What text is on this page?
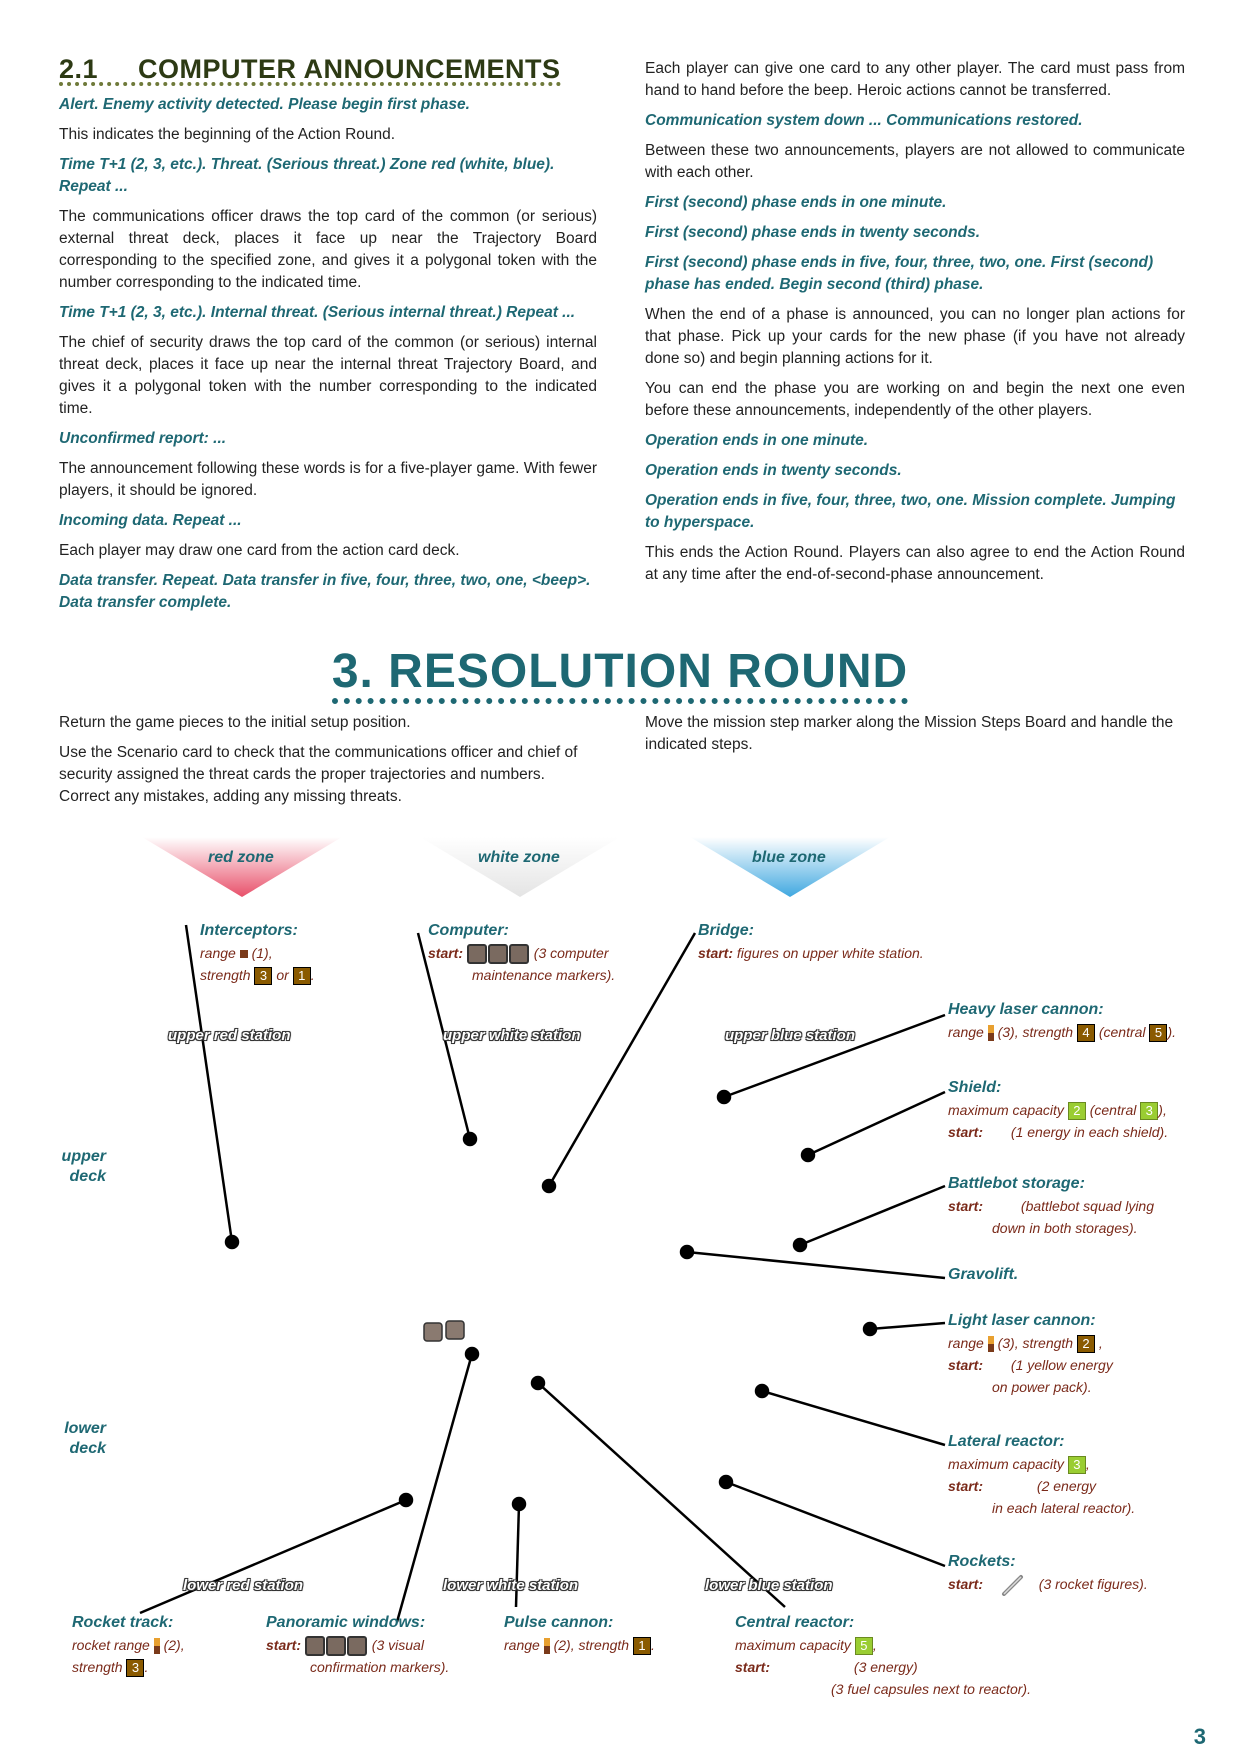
2.1 COMPUTER ANNOUNCEMENTS

Alert. Enemy activity detected. Please begin first phase.

This indicates the beginning of the Action Round.

Time T+1 (2, 3, etc.). Threat. (Serious threat.) Zone red (white, blue). Repeat ...

The communications officer draws the top card of the common (or serious) external threat deck, places it face up near the Trajectory Board corresponding to the specified zone, and gives it a polygonal token with the number corresponding to the indicated time.

Time T+1 (2, 3, etc.). Internal threat. (Serious internal threat.) Repeat ...

The chief of security draws the top card of the common (or serious) internal threat deck, places it face up near the internal threat Trajectory Board, and gives it a polygonal token with the number corresponding to the indicated time.

Unconfirmed report: ...

The announcement following these words is for a five-player game. With fewer players, it should be ignored.

Incoming data. Repeat ...

Each player may draw one card from the action card deck.

Data transfer. Repeat. Data transfer in five, four, three, two, one, <beep>. Data transfer complete.

Each player can give one card to any other player. The card must pass from hand to hand before the beep. Heroic actions cannot be transferred.

Communication system down ... Communications restored.

Between these two announcements, players are not allowed to communicate with each other.

First (second) phase ends in one minute.

First (second) phase ends in twenty seconds.

First (second) phase ends in five, four, three, two, one. First (second) phase has ended. Begin second (third) phase.

When the end of a phase is announced, you can no longer plan actions for that phase. Pick up your cards for the new phase (if you have not already done so) and begin planning actions for it.

You can end the phase you are working on and begin the next one even before these announcements, independently of the other players.

Operation ends in one minute.

Operation ends in twenty seconds.

Operation ends in five, four, three, two, one. Mission complete. Jumping to hyperspace.

This ends the Action Round. Players can also agree to end the Action Round at any time after the end-of-second-phase announcement.

3. RESOLUTION ROUND

Return the game pieces to the initial setup position.

Use the Scenario card to check that the communications officer and chief of security assigned the threat cards the proper trajectories and numbers. Correct any mistakes, adding any missing threats.

Move the mission step marker along the Mission Steps Board and handle the indicated steps.

red zone	white zone	blue zone
upper red station	upper white station	upper blue station
lower red station	lower white station	lower blue station
upper deck
lower deck
Interceptors:
range (1),
strength 3 or 1 .
Computer:
start:	(3 computer
maintenance markers).
Bridge:
start: figures on upper white station.
Heavy laser cannon:
range (3), strength 4 (central 5 ).
Shield:
maximum capacity 2 (central 3 ),
start: (1 energy in each shield).
Battlebot storage:
start:	(battlebot squad lying
down in both storages).
Gravolift.
Light laser cannon:
range (3), strength 2 ,
start: (1 yellow energy
on power pack).
Lateral reactor:
maximum capacity 3 ,
start:	(2 energy
in each lateral reactor).
Rockets:
start:	(3 rocket figures).
Rocket track:
rocket range (2),
strength 3 .
Panoramic windows:
start:	(3 visual
confirmation markers).
Pulse cannon:
range (2), strength 1 .
Central reactor:
maximum capacity 5 ,
start:	(3 energy)
(3 fuel capsules next to reactor).
3
